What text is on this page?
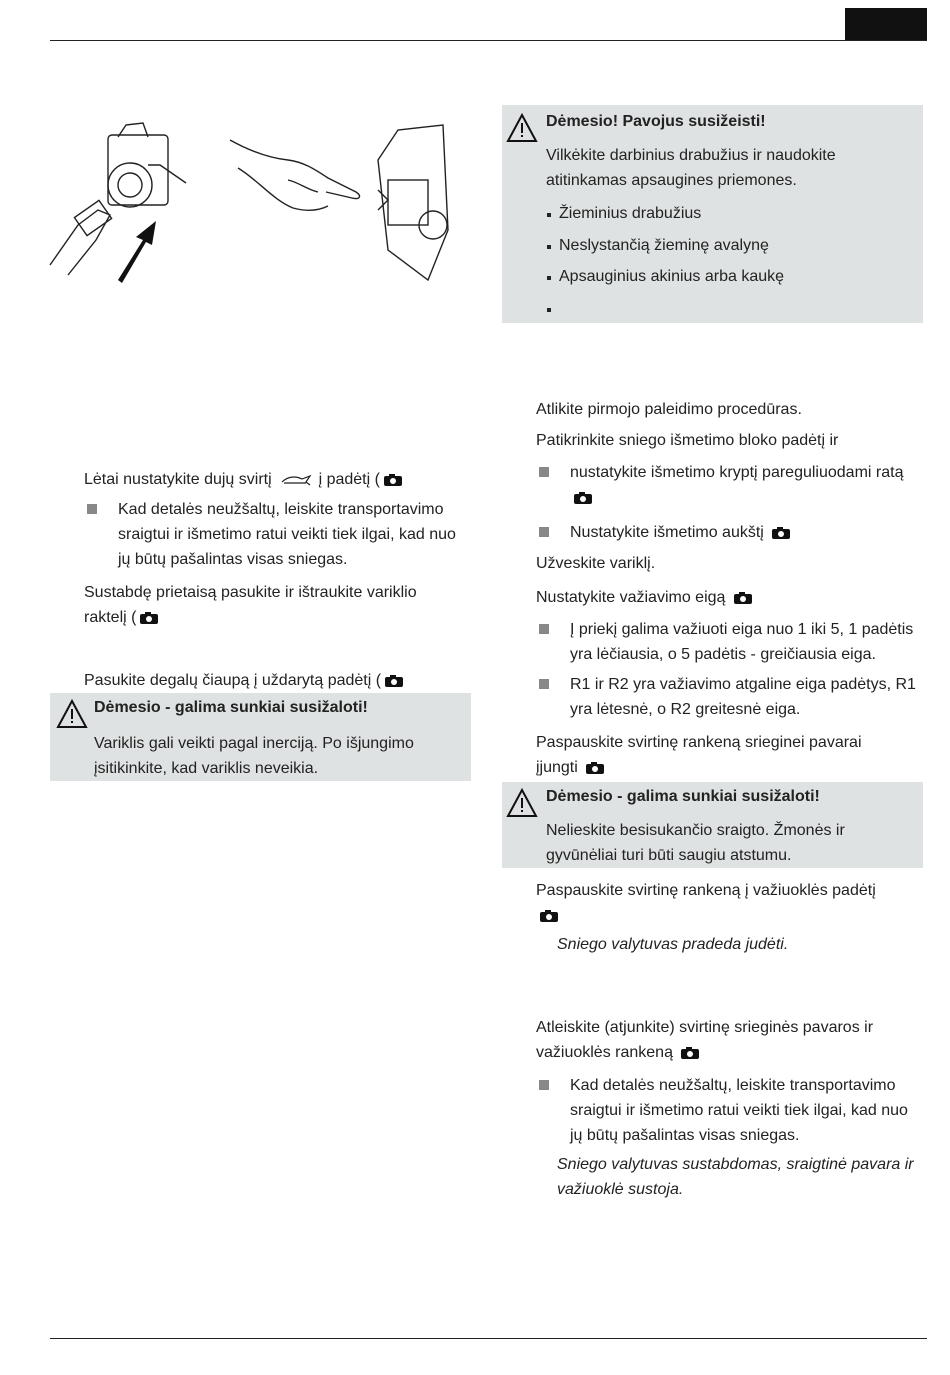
Lėtai nustatykite dujų svirtį	į padėtį (
Kad detalės neužšaltų, leiskite transportavimo sraigtui ir išmetimo ratui veikti tiek ilgai, kad nuo jų būtų pašalintas visas sniegas.
Sustabdę prietaisą pasukite ir ištraukite variklio
raktelį (
Pasukite degalų čiaupą į uždarytą padėtį (
Dėmesio - galima sunkiai susižaloti!
Variklis gali veikti pagal inerciją. Po išjungimo įsitikinkite, kad variklis neveikia.
Dėmesio! Pavojus susižeisti!
Vilkėkite darbinius drabužius ir naudokite atitinkamas apsaugines priemones.
Žieminius drabužius
Neslystančią žieminę avalynę
Apsauginius akinius arba kaukę
Atlikite pirmojo paleidimo procedūras.
Patikrinkite sniego išmetimo bloko padėtį ir
nustatykite išmetimo kryptį pareguliuodami ratą
Nustatykite išmetimo aukštį
Užveskite variklį.
Nustatykite važiavimo eigą
Į priekį galima važiuoti eiga nuo 1 iki 5, 1 padėtis yra lėčiausia, o 5 padėtis - greičiausia eiga.
R1 ir R2 yra važiavimo atgaline eiga padėtys, R1 yra lėtesnė, o R2 greitesnė eiga.
Paspauskite svirtinę rankeną srieginei pavarai
įjungti
Dėmesio - galima sunkiai susižaloti!
Nelieskite besisukančio sraigto. Žmonės ir gyvūnėliai turi būti saugiu atstumu.
Paspauskite svirtinę rankeną į važiuoklės padėtį
Sniego valytuvas pradeda judėti.
Atleiskite (atjunkite) svirtinę srieginės pavaros ir
važiuoklės rankeną
Kad detalės neužšaltų, leiskite transportavimo sraigtui ir išmetimo ratui veikti tiek ilgai, kad nuo jų būtų pašalintas visas sniegas.
Sniego valytuvas sustabdomas, sraigtinė pavara ir važiuoklė sustoja.
